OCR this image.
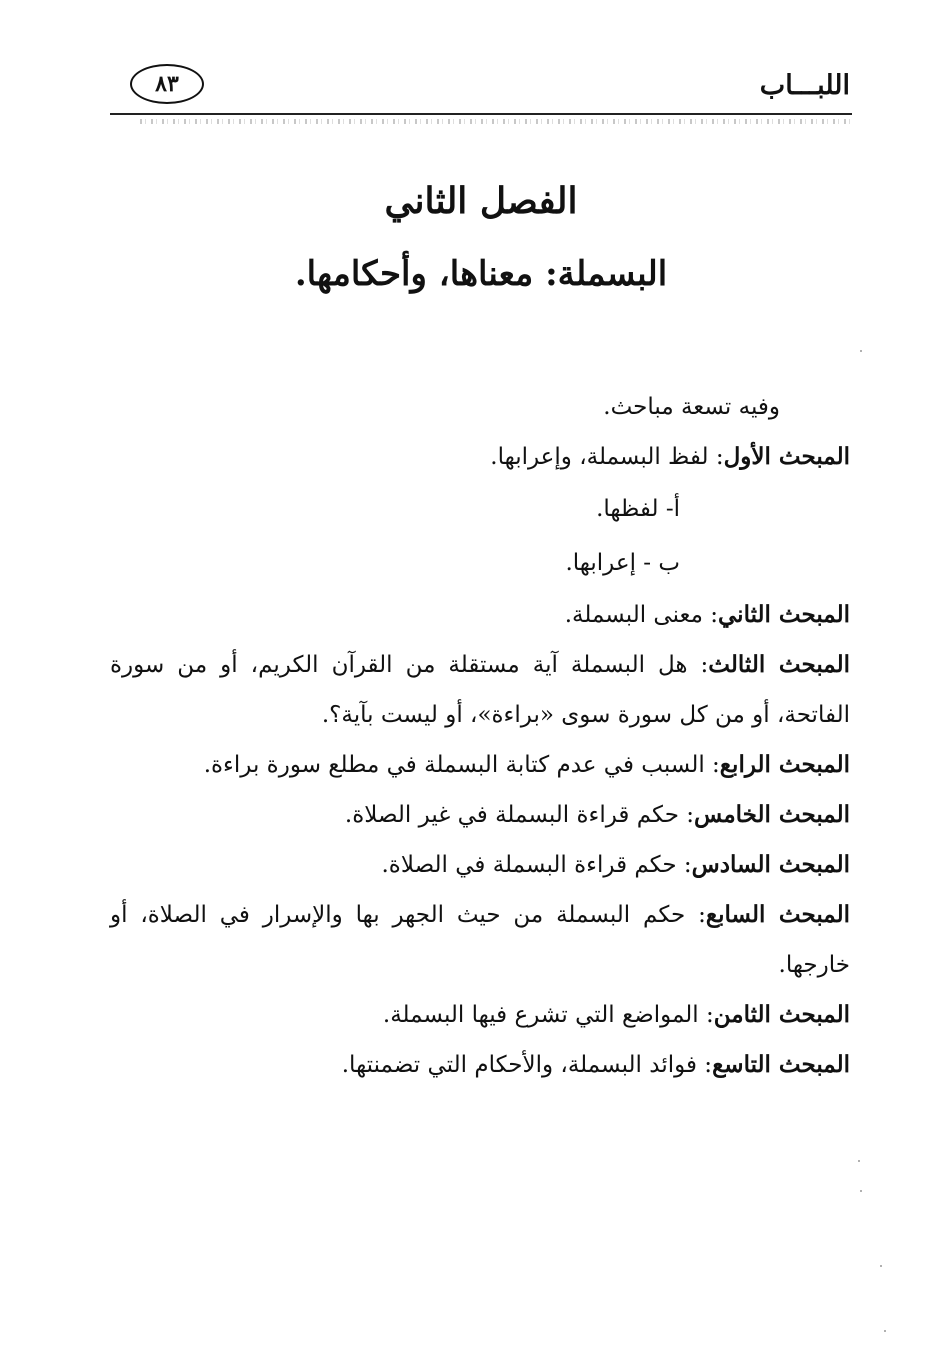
اللبـــاب
٨٣
الفصل الثاني
البسملة: معناها، وأحكامها.

وفيه تسعة مباحث.

المبحث الأول: لفظ البسملة، وإعرابها.

أ- لفظها.

ب - إعرابها.

المبحث الثاني: معنى البسملة.

المبحث الثالث: هل البسملة آية مستقلة من القرآن الكريم، أو من سورة الفاتحة، أو من كل سورة سوى «براءة»، أو ليست بآية؟.

المبحث الرابع: السبب في عدم كتابة البسملة في مطلع سورة براءة.

المبحث الخامس: حكم قراءة البسملة في غير الصلاة.

المبحث السادس: حكم قراءة البسملة في الصلاة.

المبحث السابع: حكم البسملة من حيث الجهر بها والإسرار في الصلاة، أو خارجها.

المبحث الثامن: المواضع التي تشرع فيها البسملة.

المبحث التاسع: فوائد البسملة، والأحكام التي تضمنتها.
